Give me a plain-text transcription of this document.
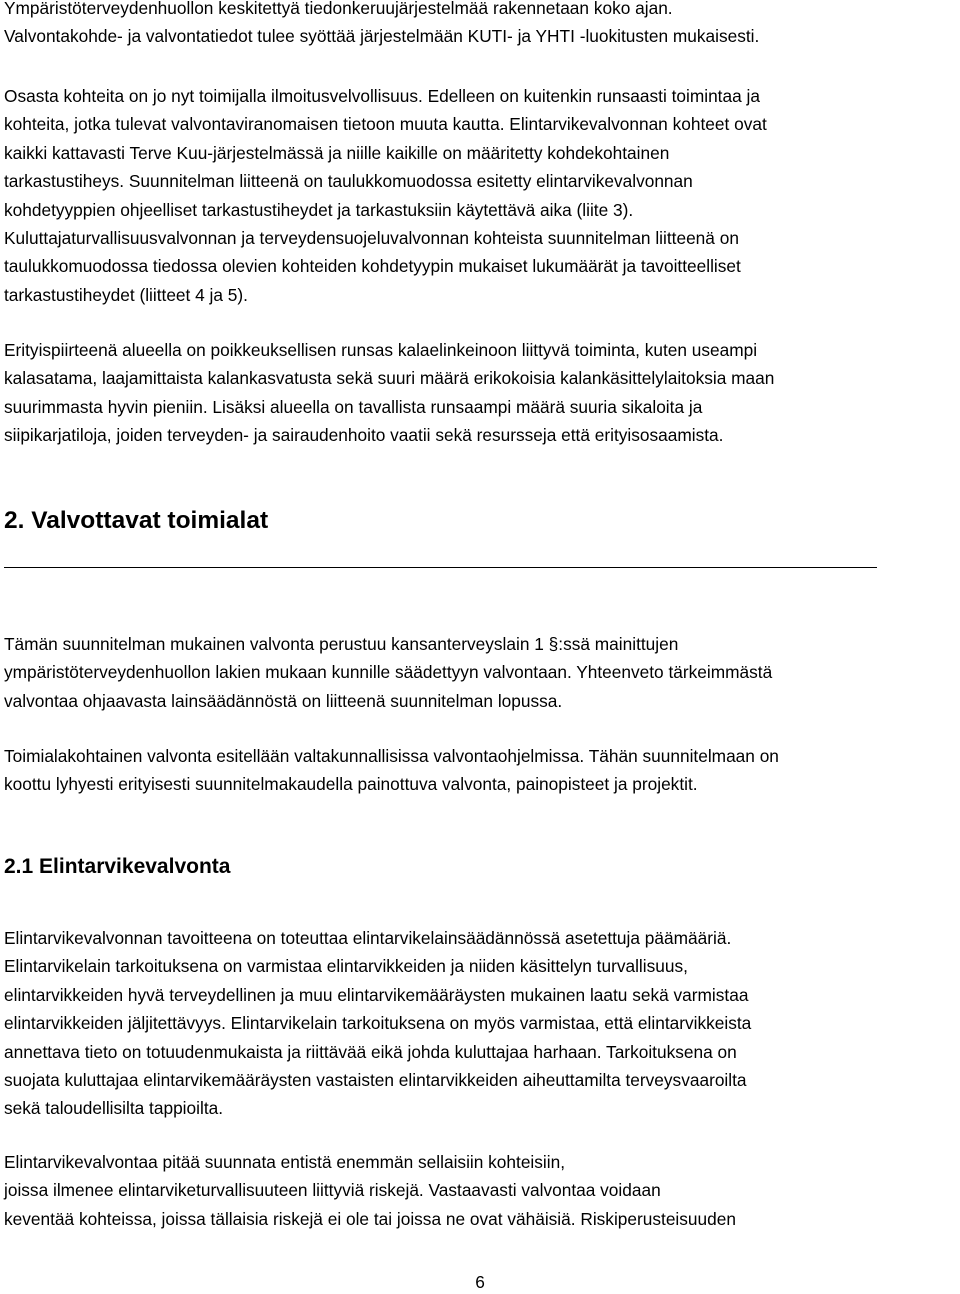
Ympäristöterveydenhuollon keskitettyä tiedonkeruujärjestelmää rakennetaan koko ajan.
Valvontakohde- ja valvontatiedot tulee syöttää järjestelmään KUTI- ja YHTI -luokitusten mukaisesti.
Osasta kohteita on jo nyt toimijalla ilmoitusvelvollisuus. Edelleen on kuitenkin runsaasti toimintaa ja
kohteita, jotka tulevat valvontaviranomaisen tietoon muuta kautta. Elintarvikevalvonnan kohteet ovat
kaikki kattavasti Terve Kuu-järjestelmässä ja niille kaikille on määritetty kohdekohtainen
tarkastustiheys. Suunnitelman liitteenä on taulukkomuodossa esitetty elintarvikevalvonnan
kohdetyyppien ohjeelliset tarkastustiheydet ja tarkastuksiin käytettävä aika (liite 3).
Kuluttajaturvallisuusvalvonnan ja terveydensuojeluvalvonnan kohteista suunnitelman liitteenä on
taulukkomuodossa tiedossa olevien kohteiden kohdetyypin mukaiset lukumäärät ja tavoitteelliset
tarkastustiheydet (liitteet 4 ja 5).
Erityispiirteenä alueella on poikkeuksellisen runsas kalaelinkeinoon liittyvä toiminta, kuten useampi
kalasatama, laajamittaista kalankasvatusta sekä suuri määrä erikokoisia kalankäsittelylaitoksia maan
suurimmasta hyvin pieniin. Lisäksi alueella on tavallista runsaampi määrä suuria sikaloita ja
siipikarjatiloja, joiden terveyden- ja sairaudenhoito vaatii sekä resursseja että erityisosaamista.
2. Valvottavat toimialat
Tämän suunnitelman mukainen valvonta perustuu kansanterveyslain 1 §:ssä mainittujen
ympäristöterveydenhuollon lakien mukaan kunnille säädettyyn valvontaan. Yhteenveto tärkeimmästä
valvontaa ohjaavasta lainsäädännöstä on liitteenä suunnitelman lopussa.
Toimialakohtainen valvonta esitellään valtakunnallisissa valvontaohjelmissa. Tähän suunnitelmaan on
koottu lyhyesti erityisesti suunnitelmakaudella painottuva valvonta, painopisteet ja projektit.
2.1 Elintarvikevalvonta
Elintarvikevalvonnan tavoitteena on toteuttaa elintarvikelainsäädännössä asetettuja päämääriä.
Elintarvikelain tarkoituksena on varmistaa elintarvikkeiden ja niiden käsittelyn turvallisuus,
elintarvikkeiden hyvä terveydellinen ja muu elintarvikemääräysten mukainen laatu sekä varmistaa
elintarvikkeiden jäljitettävyys. Elintarvikelain tarkoituksena on myös varmistaa, että elintarvikkeista
annettava tieto on totuudenmukaista ja riittävää eikä johda kuluttajaa harhaan. Tarkoituksena on
suojata kuluttajaa elintarvikemääräysten vastaisten elintarvikkeiden aiheuttamilta terveysvaaroilta
sekä taloudellisilta tappioilta.
Elintarvikevalvontaa pitää suunnata entistä enemmän sellaisiin kohteisiin,
joissa ilmenee elintarviketurvallisuuteen liittyviä riskejä. Vastaavasti valvontaa voidaan
keventää kohteissa, joissa tällaisia riskejä ei ole tai joissa ne ovat vähäisiä. Riskiperusteisuuden
6
